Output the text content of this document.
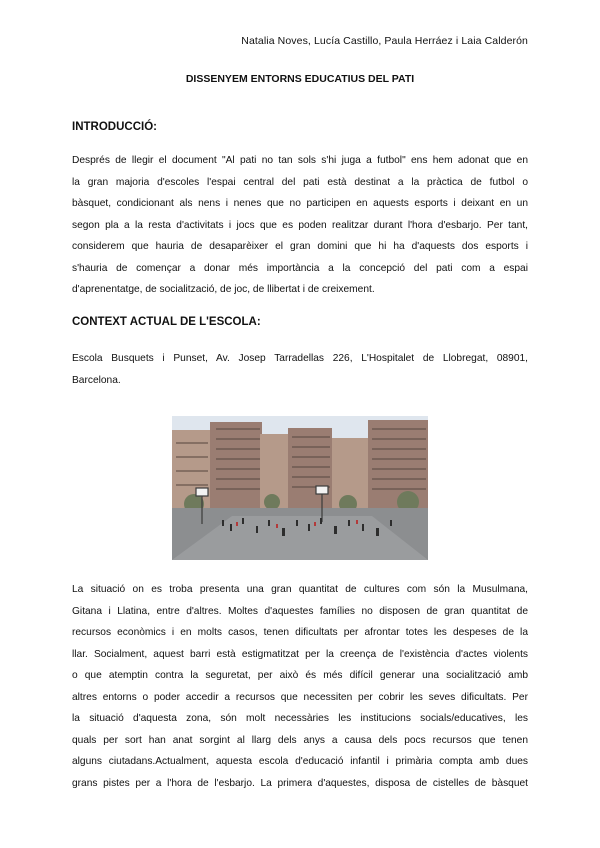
Natalia Noves, Lucía Castillo, Paula Herráez i Laia Calderón
DISSENYEM ENTORNS EDUCATIUS DEL PATI
INTRODUCCIÓ:
Després de llegir el document "Al pati no tan sols s'hi juga a futbol" ens hem adonat que en
la gran majoria d'escoles l'espai central del pati està destinat a la pràctica de futbol o
bàsquet, condicionant als nens i nenes que no participen en aquests esports i deixant en un
segon pla a la resta d'activitats i jocs que es poden realitzar durant l'hora d'esbarjo. Per tant,
considerem que hauria de desaparèixer el gran domini que hi ha d'aquests dos esports i
s'hauria de començar a donar més importància a la concepció del pati com a espai
d'aprenentatge, de socialització, de joc, de llibertat i de creixement.
CONTEXT ACTUAL DE L'ESCOLA:
Escola Busquets i Punset, Av. Josep Tarradellas 226, L'Hospitalet de Llobregat, 08901,
Barcelona.
La situació on es troba presenta una gran quantitat de cultures com són la Musulmana,
Gitana i Llatina, entre d'altres. Moltes d'aquestes famílies no disposen de gran quantitat de
recursos econòmics i en molts casos, tenen dificultats per afrontar totes les despeses de la
llar. Socialment, aquest barri està estigmatitzat per la creença de l'existència d'actes violents
o que atemptin contra la seguretat, per això és més difícil generar una socialització amb
altres entorns o poder accedir a recursos que necessiten per cobrir les seves dificultats. Per
la situació d'aquesta zona, són molt necessàries les institucions socials/educatives, les
quals per sort han anat sorgint al llarg dels anys a causa dels pocs recursos que tenen
alguns ciutadans.Actualment, aquesta escola d'educació infantil i primària compta amb dues
grans pistes per a l'hora de l'esbarjo. La primera d'aquestes, disposa de cistelles de bàsquet
